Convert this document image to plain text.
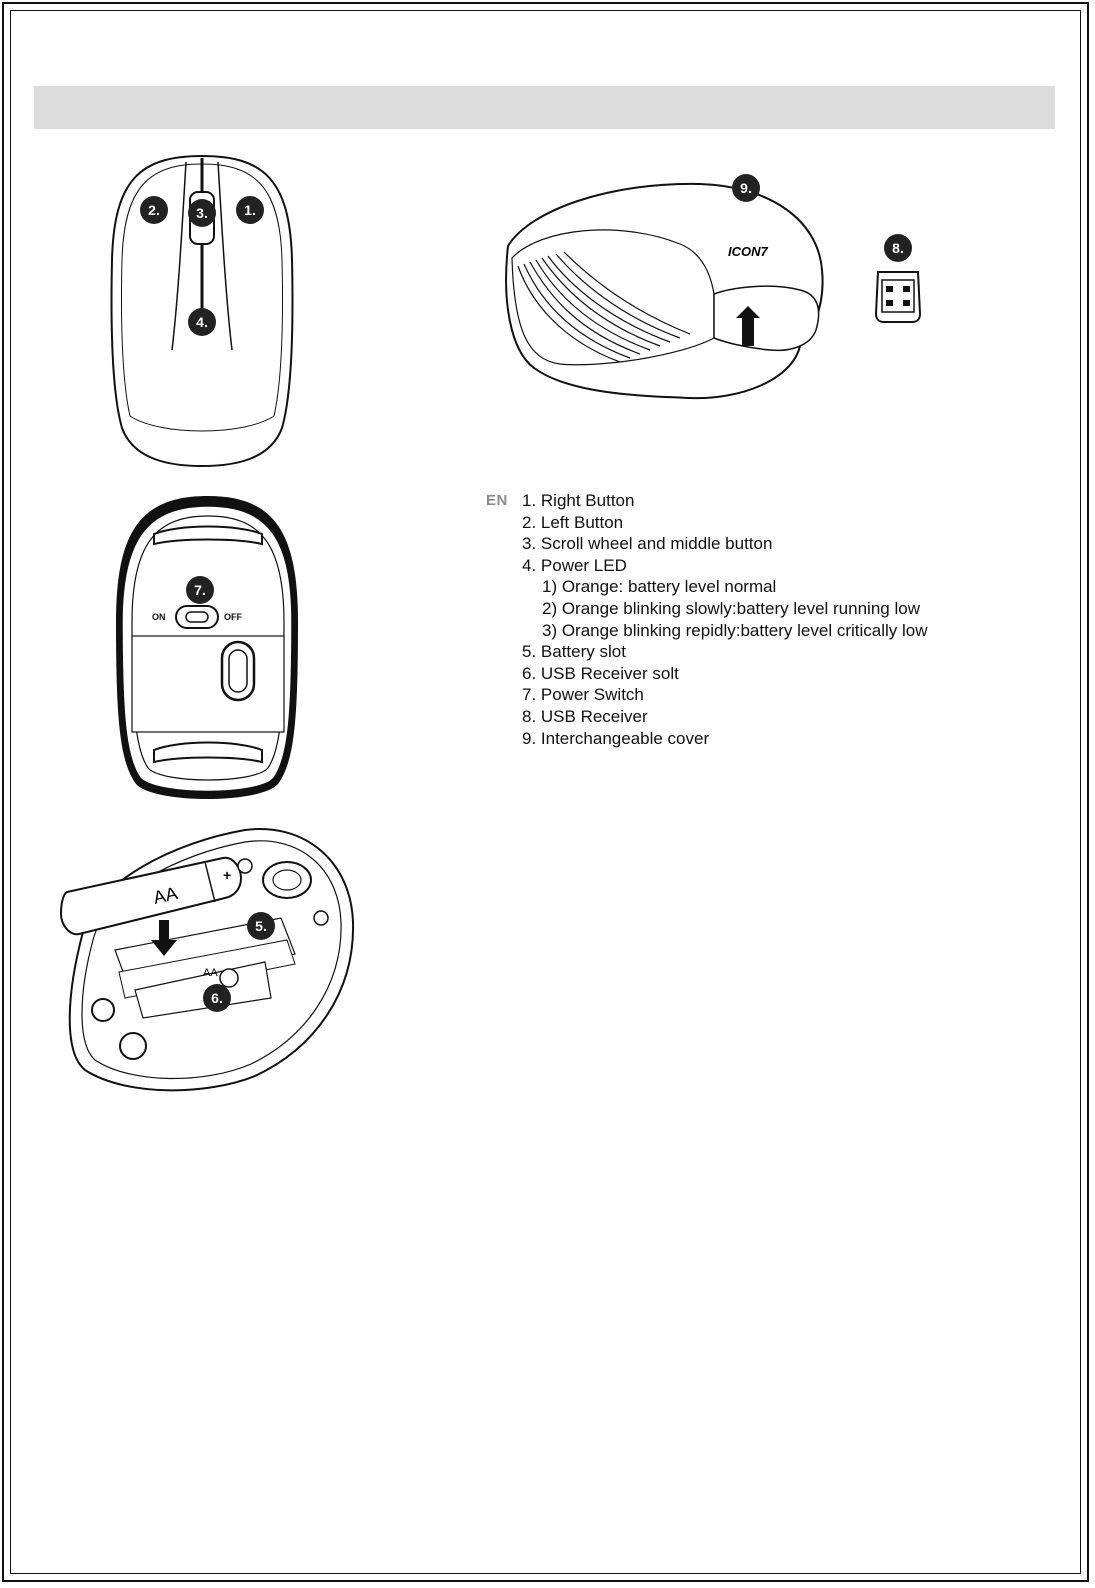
2.	3.	1.
4.
ON	OFF
7.
AA
+
AA
5.
6.
ICON7
9.
8.
EN 1. Right Button
2. Left Button
3. Scroll wheel and middle button
4. Power LED
1) Orange: battery level normal
2) Orange blinking slowly:battery level running low
3) Orange blinking repidly:battery level critically low
5. Battery slot
6. USB Receiver solt
7. Power Switch
8. USB Receiver
9. Interchangeable cover
